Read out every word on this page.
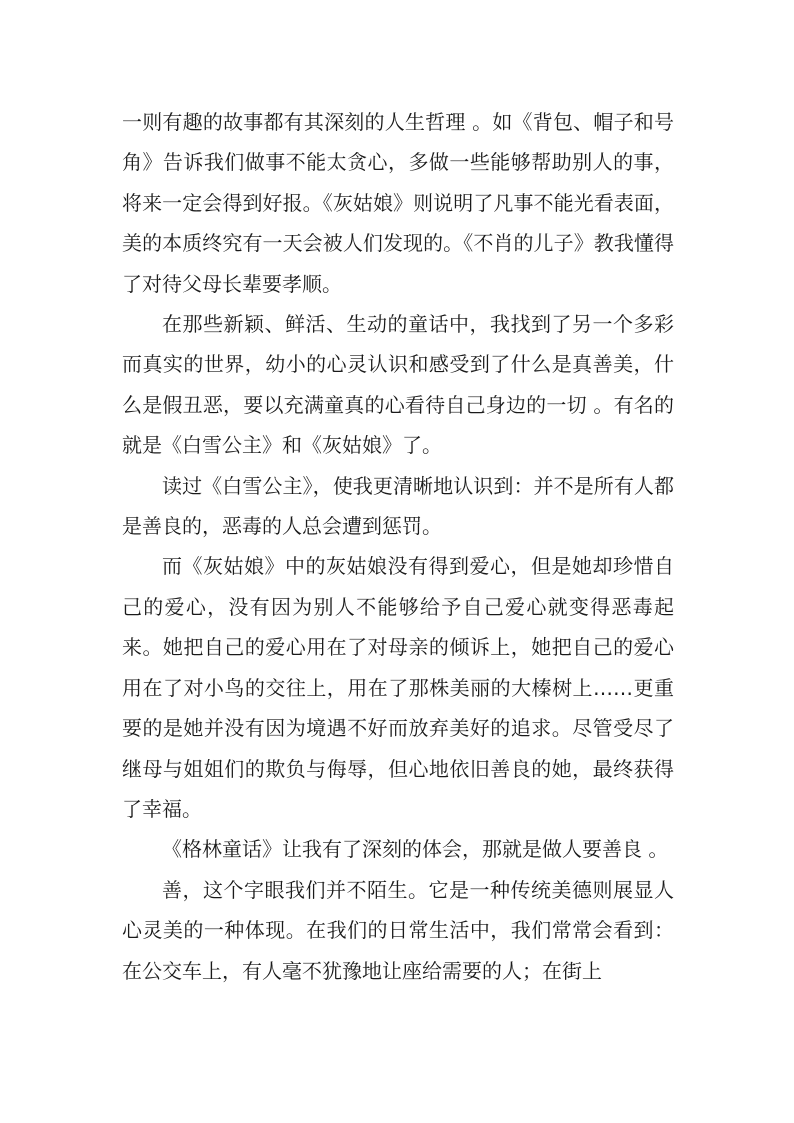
一则有趣的故事都有其深刻的人生哲理 。如《背包、帽子和号角》告诉我们做事不能太贪心，多做一些能够帮助别人的事，将来一定会得到好报。《灰姑娘》则说明了凡事不能光看表面，美的本质终究有一天会被人们发现的。《不肖的儿子》教我懂得了对待父母长辈要孝顺。

在那些新颖、鲜活、生动的童话中，我找到了另一个多彩而真实的世界，幼小的心灵认识和感受到了什么是真善美，什么是假丑恶，要以充满童真的心看待自己身边的一切 。有名的就是《白雪公主》和《灰姑娘》了。

读过《白雪公主》，使我更清晰地认识到：并不是所有人都是善良的，恶毒的人总会遭到惩罚。

而《灰姑娘》中的灰姑娘没有得到爱心，但是她却珍惜自己的爱心，没有因为别人不能够给予自己爱心就变得恶毒起来。她把自己的爱心用在了对母亲的倾诉上，她把自己的爱心用在了对小鸟的交往上，用在了那株美丽的大榛树上……更重要的是她并没有因为境遇不好而放弃美好的追求。尽管受尽了继母与姐姐们的欺负与侮辱，但心地依旧善良的她，最终获得了幸福。

《格林童话》让我有了深刻的体会，那就是做人要善良 。

善，这个字眼我们并不陌生。它是一种传统美德则展显人心灵美的一种体现。在我们的日常生活中，我们常常会看到：在公交车上，有人毫不犹豫地让座给需要的人；在街上
